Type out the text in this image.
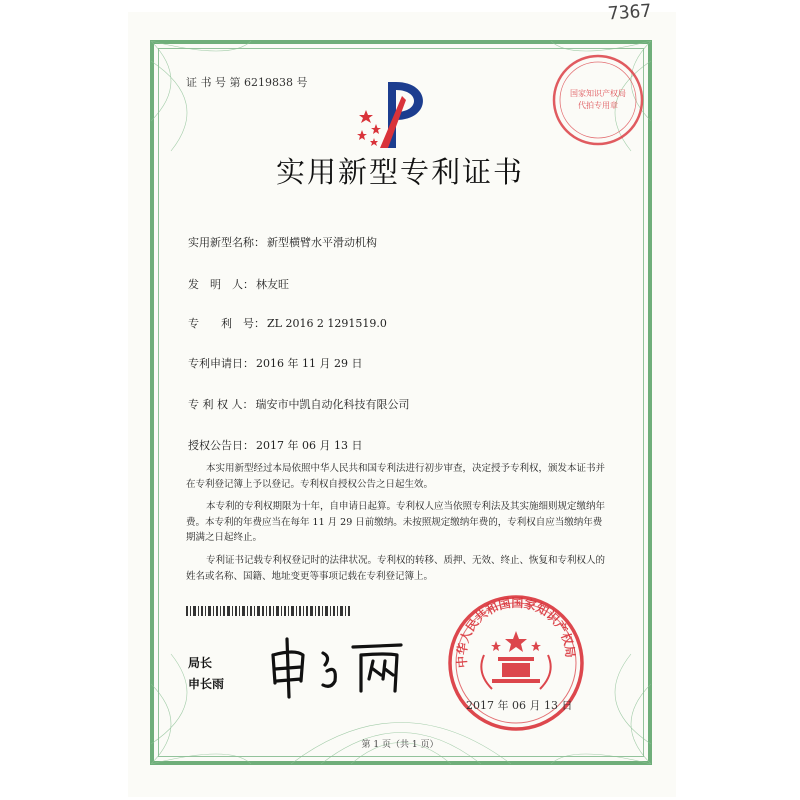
7367
证 书 号 第 6219838 号
国家知识产权局
代拍专用章
实用新型专利证书
实用新型名称： 新型横臂水平滑动机构
发　明　人： 林友旺
专　　利　号： ZL 2016 2 1291519.0
专利申请日： 2016 年 11 月 29 日
专 利 权 人： 瑞安市中凯自动化科技有限公司
授权公告日： 2017 年 06 月 13 日

本实用新型经过本局依照中华人民共和国专利法进行初步审查，决定授予专利权，颁发本证书并在专利登记簿上予以登记。专利权自授权公告之日起生效。

本专利的专利权期限为十年，自申请日起算。专利权人应当依照专利法及其实施细则规定缴纳年费。本专利的年费应当在每年 11 月 29 日前缴纳。未按照规定缴纳年费的，专利权自应当缴纳年费期满之日起终止。

专利证书记载专利权登记时的法律状况。专利权的转移、质押、无效、终止、恢复和专利权人的姓名或名称、国籍、地址变更等事项记载在专利登记簿上。

局长
申长雨
中华人民共和国国家知识产权局
2017 年 06 月 13 日
第 1 页（共 1 页）
